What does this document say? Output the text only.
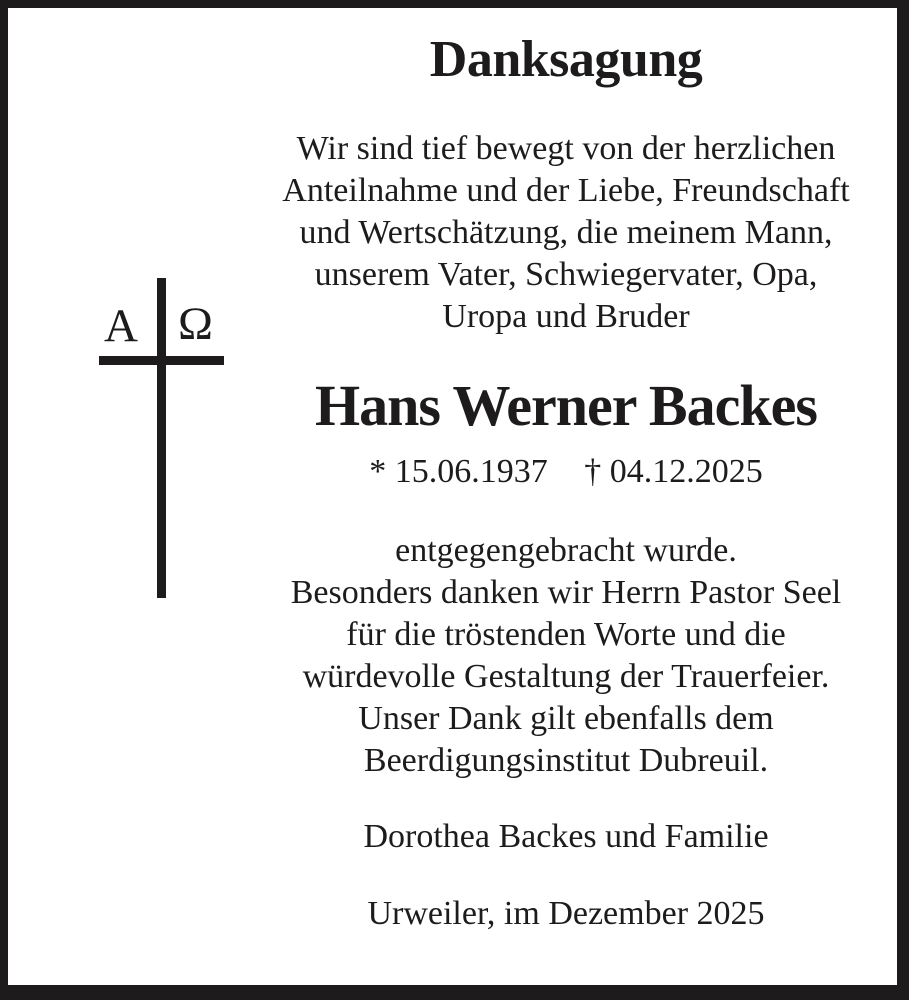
A Ω
Danksagung
Wir sind tief bewegt von der herzlichen
Anteilnahme und der Liebe, Freundschaft
und Wertschätzung, die meinem Mann,
unserem Vater, Schwiegervater, Opa,
Uropa und Bruder
Hans Werner Backes
* 15.06.1937 † 04.12.2025
entgegengebracht wurde.
Besonders danken wir Herrn Pastor Seel
für die tröstenden Worte und die
würdevolle Gestaltung der Trauerfeier.
Unser Dank gilt ebenfalls dem
Beerdigungsinstitut Dubreuil.
Dorothea Backes und Familie
Urweiler, im Dezember 2025
